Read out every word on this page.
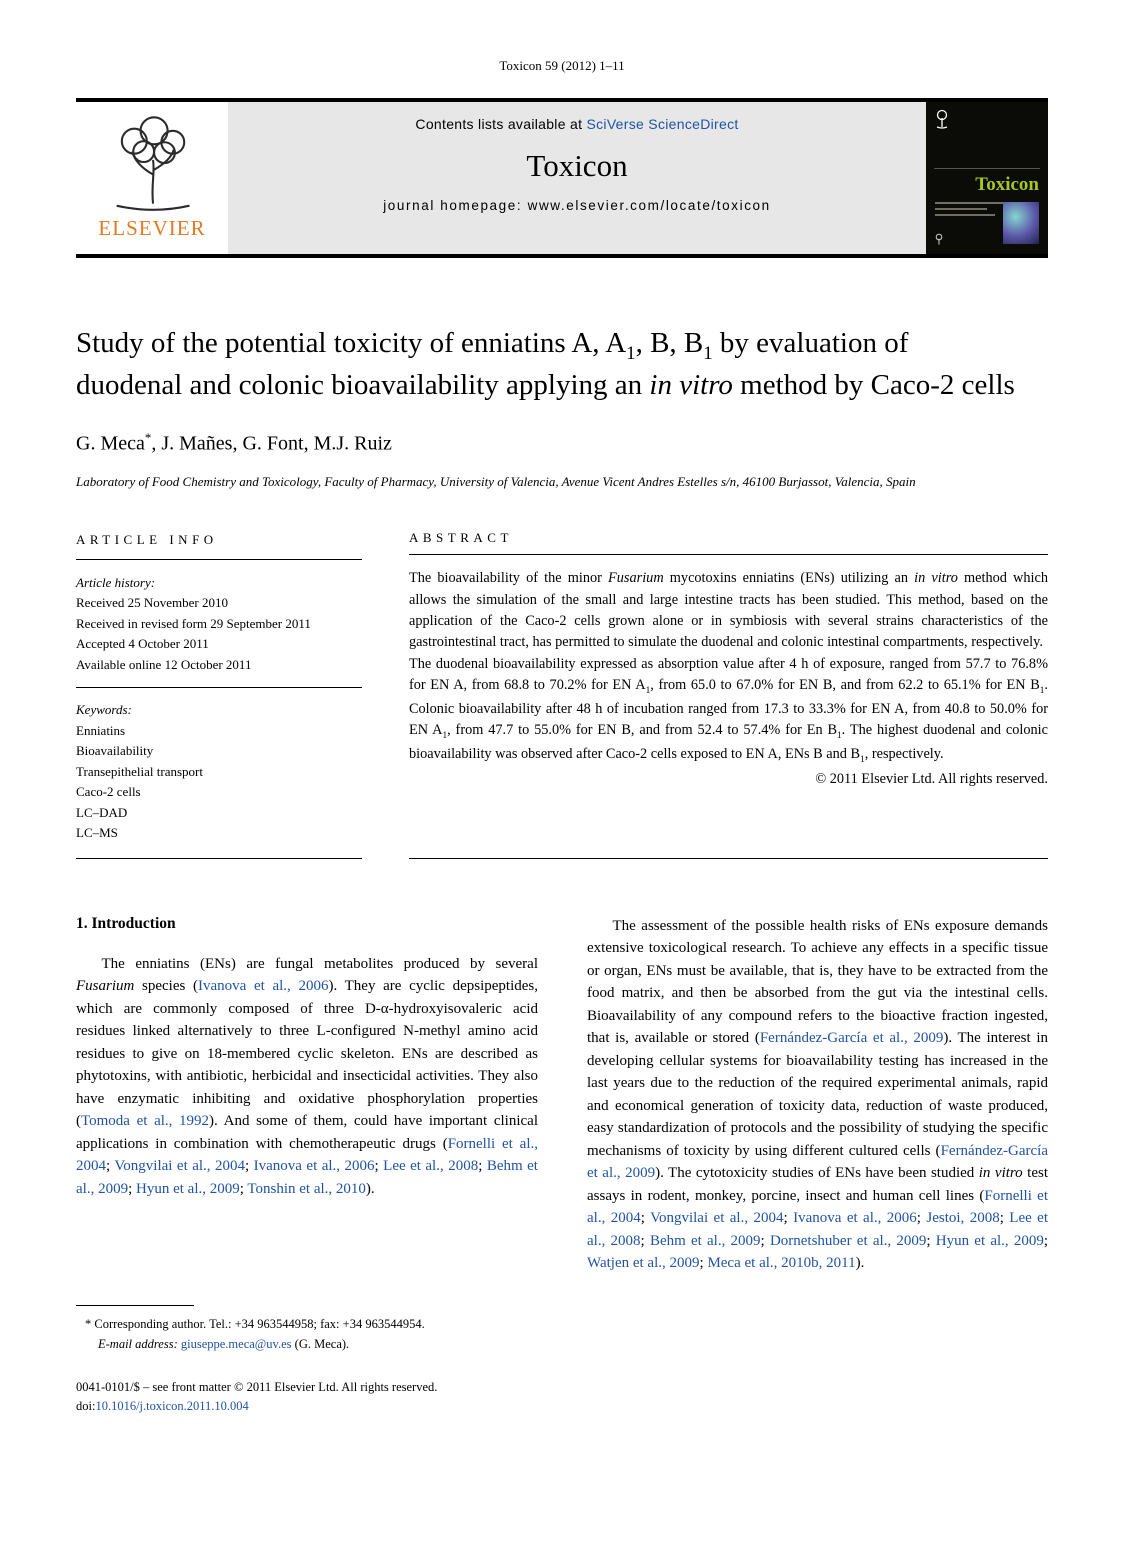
Toxicon 59 (2012) 1–11
ELSEVIER
Contents lists available at SciVerse ScienceDirect
Toxicon
journal homepage: www.elsevier.com/locate/toxicon
Toxicon
Study of the potential toxicity of enniatins A, $A_1$, B, $B_1$ by evaluation of duodenal and colonic bioavailability applying an in vitro method by Caco-2 cells
G. Meca*, J. Mañes, G. Font, M.J. Ruiz
Laboratory of Food Chemistry and Toxicology, Faculty of Pharmacy, University of Valencia, Avenue Vicent Andres Estelles s/n, 46100 Burjassot, Valencia, Spain
ARTICLE INFO
Article history:
Received 25 November 2010
Received in revised form 29 September 2011
Accepted 4 October 2011
Available online 12 October 2011
Keywords:
Enniatins
Bioavailability
Transepithelial transport
Caco-2 cells
LC–DAD
LC–MS
ABSTRACT

The bioavailability of the minor Fusarium mycotoxins enniatins (ENs) utilizing an in vitro method which allows the simulation of the small and large intestine tracts has been studied. This method, based on the application of the Caco-2 cells grown alone or in symbiosis with several strains characteristics of the gastrointestinal tract, has permitted to simulate the duodenal and colonic intestinal compartments, respectively.

The duodenal bioavailability expressed as absorption value after 4 h of exposure, ranged from 57.7 to 76.8% for EN A, from 68.8 to 70.2% for EN $A_1$, from 65.0 to 67.0% for EN B, and from 62.2 to 65.1% for EN $B_1$. Colonic bioavailability after 48 h of incubation ranged from 17.3 to 33.3% for EN A, from 40.8 to 50.0% for EN $A_1$, from 47.7 to 55.0% for EN B, and from 52.4 to 57.4% for En $B_1$. The highest duodenal and colonic bioavailability was observed after Caco-2 cells exposed to EN A, ENs B and $B_1$, respectively.

© 2011 Elsevier Ltd. All rights reserved.
1. Introduction

The enniatins (ENs) are fungal metabolites produced by several Fusarium species (Ivanova et al., 2006). They are cyclic depsipeptides, which are commonly composed of three D-α-hydroxyisovaleric acid residues linked alternatively to three L-configured N-methyl amino acid residues to give on 18-membered cyclic skeleton. ENs are described as phytotoxins, with antibiotic, herbicidal and insecticidal activities. They also have enzymatic inhibiting and oxidative phosphorylation properties (Tomoda et al., 1992). And some of them, could have important clinical applications in combination with chemotherapeutic drugs (Fornelli et al., 2004; Vongvilai et al., 2004; Ivanova et al., 2006; Lee et al., 2008; Behm et al., 2009; Hyun et al., 2009; Tonshin et al., 2010).

The assessment of the possible health risks of ENs exposure demands extensive toxicological research. To achieve any effects in a specific tissue or organ, ENs must be available, that is, they have to be extracted from the food matrix, and then be absorbed from the gut via the intestinal cells. Bioavailability of any compound refers to the bioactive fraction ingested, that is, available or stored (Fernández-García et al., 2009). The interest in developing cellular systems for bioavailability testing has increased in the last years due to the reduction of the required experimental animals, rapid and economical generation of toxicity data, reduction of waste produced, easy standardization of protocols and the possibility of studying the specific mechanisms of toxicity by using different cultured cells (Fernández-García et al., 2009). The cytotoxicity studies of ENs have been studied in vitro test assays in rodent, monkey, porcine, insect and human cell lines (Fornelli et al., 2004; Vongvilai et al., 2004; Ivanova et al., 2006; Jestoi, 2008; Lee et al., 2008; Behm et al., 2009; Dornetshuber et al., 2009; Hyun et al., 2009; Watjen et al., 2009; Meca et al., 2010b, 2011).

* Corresponding author. Tel.: +34 963544958; fax: +34 963544954.
E-mail address: giuseppe.meca@uv.es (G. Meca).
0041-0101/$ – see front matter © 2011 Elsevier Ltd. All rights reserved.
doi:10.1016/j.toxicon.2011.10.004
